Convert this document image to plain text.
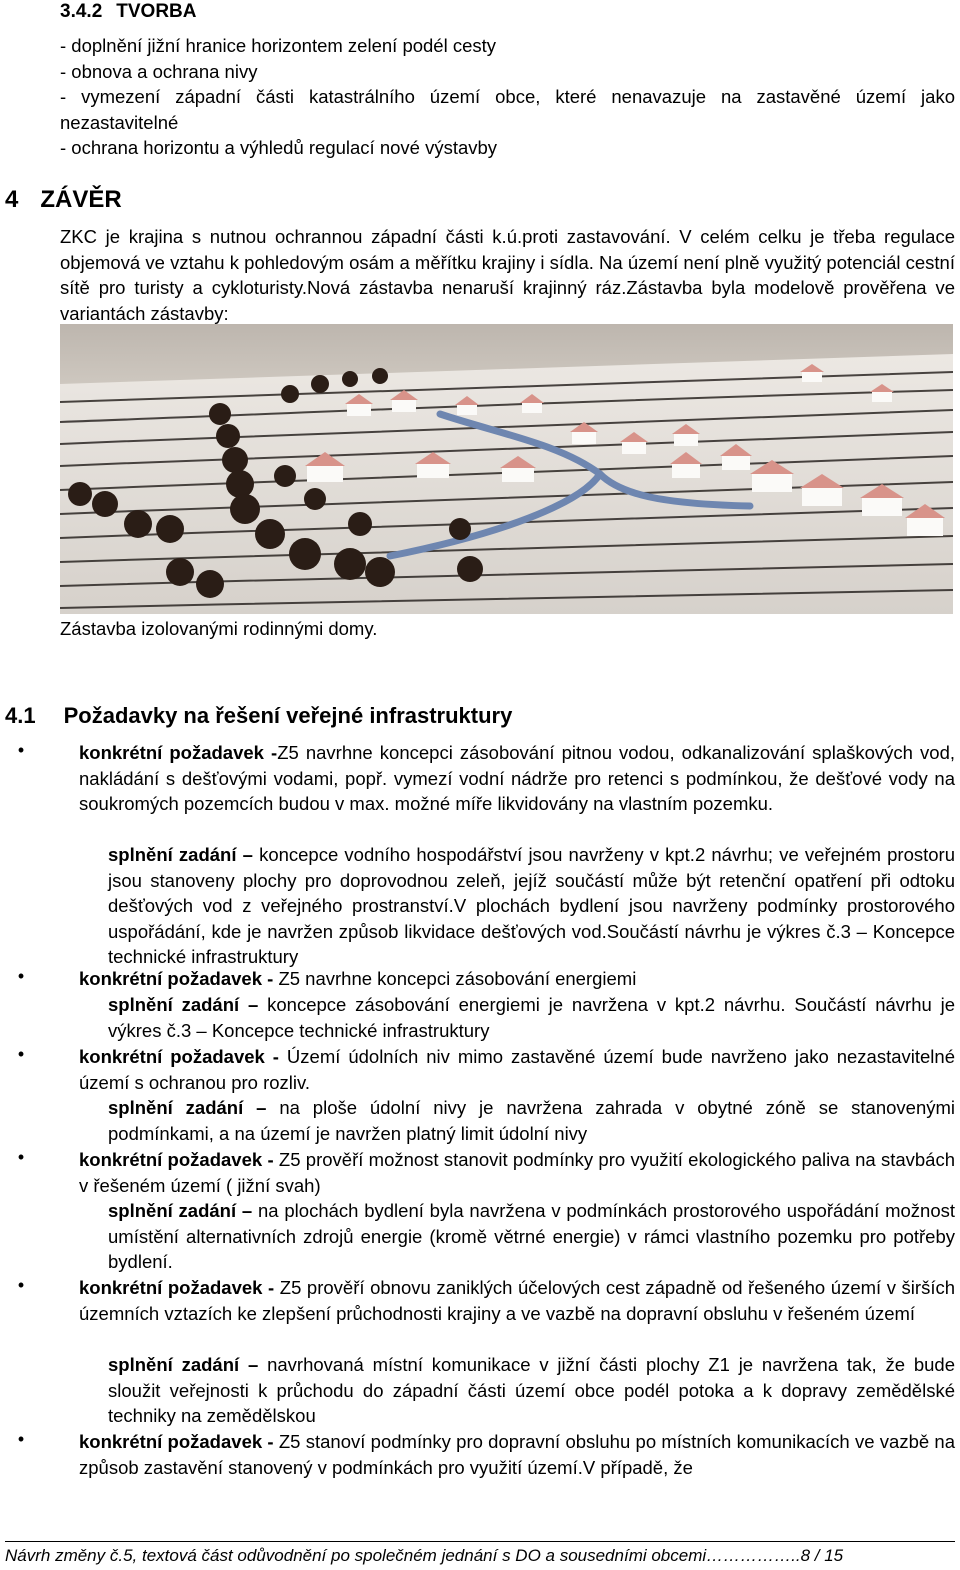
3.4.2 TVORBA
- doplnění jižní hranice horizontem zelení podél cesty
- obnova a ochrana nivy
- vymezení západní části katastrálního území obce, které nenavazuje na zastavěné území jako nezastavitelné
- ochrana horizontu a výhledů regulací nové výstavby
4 ZÁVĚR
ZKC je krajina s nutnou ochrannou západní části k.ú.proti zastavování. V celém celku je třeba regulace objemová ve vztahu k pohledovým osám a měřítku krajiny i sídla. Na území není plně využitý potenciál cestní sítě pro turisty a cykloturisty.Nová zástavba nenaruší krajinný ráz.Zástavba byla modelově prověřena ve variantách zástavby:
Zástavba izolovanými rodinnými domy.
4.1 Požadavky na řešení veřejné infrastruktury
•	konkrétní požadavek -Z5 navrhne koncepci zásobování pitnou vodou, odkanalizování splaškových vod, nakládání s dešťovými vodami, popř. vymezí vodní nádrže pro retenci s podmínkou, že dešťové vody na soukromých pozemcích budou v max. možné míře likvidovány na vlastním pozemku.
splnění zadání – koncepce vodního hospodářství jsou navrženy v kpt.2 návrhu; ve veřejném prostoru jsou stanoveny plochy pro doprovodnou zeleň, jejíž součástí může být retenční opatření při odtoku dešťových vod z veřejného prostranství.V plochách bydlení jsou navrženy podmínky prostorového uspořádání, kde je navržen způsob likvidace dešťových vod.Součástí návrhu je výkres č.3 – Koncepce technické infrastruktury
•	konkrétní požadavek - Z5 navrhne koncepci zásobování energiemi
splnění zadání – koncepce zásobování energiemi je navržena v kpt.2 návrhu. Součástí návrhu je výkres č.3 – Koncepce technické infrastruktury
•	konkrétní požadavek - Území údolních niv mimo zastavěné území bude navrženo jako nezastavitelné území s ochranou pro rozliv.
splnění zadání – na ploše údolní nivy je navržena zahrada v obytné zóně se stanovenými podmínkami, a na území je navržen platný limit údolní nivy
•	konkrétní požadavek - Z5 prověří možnost stanovit podmínky pro využití ekologického paliva na stavbách v řešeném území ( jižní svah)
splnění zadání – na plochách bydlení byla navržena v podmínkách prostorového uspořádání možnost umístění alternativních zdrojů energie (kromě větrné energie) v rámci vlastního pozemku pro potřeby bydlení.
•	konkrétní požadavek - Z5 prověří obnovu zaniklých účelových cest západně od řešeného území v širších územních vztazích ke zlepšení průchodnosti krajiny a ve vazbě na dopravní obsluhu v řešeném území
splnění zadání – navrhovaná místní komunikace v jižní části plochy Z1 je navržena tak, že bude sloužit veřejnosti k průchodu do západní části území obce podél potoka a k dopravy zemědělské techniky na zemědělskou
•	konkrétní požadavek - Z5 stanoví podmínky pro dopravní obsluhu po místních komunikacích ve vazbě na způsob zastavění stanovený v podmínkách pro využití území.V případě, že
Návrh změny č.5, textová část odůvodnění po společném jednání s DO a sousedními obcemi……………..8 / 15
